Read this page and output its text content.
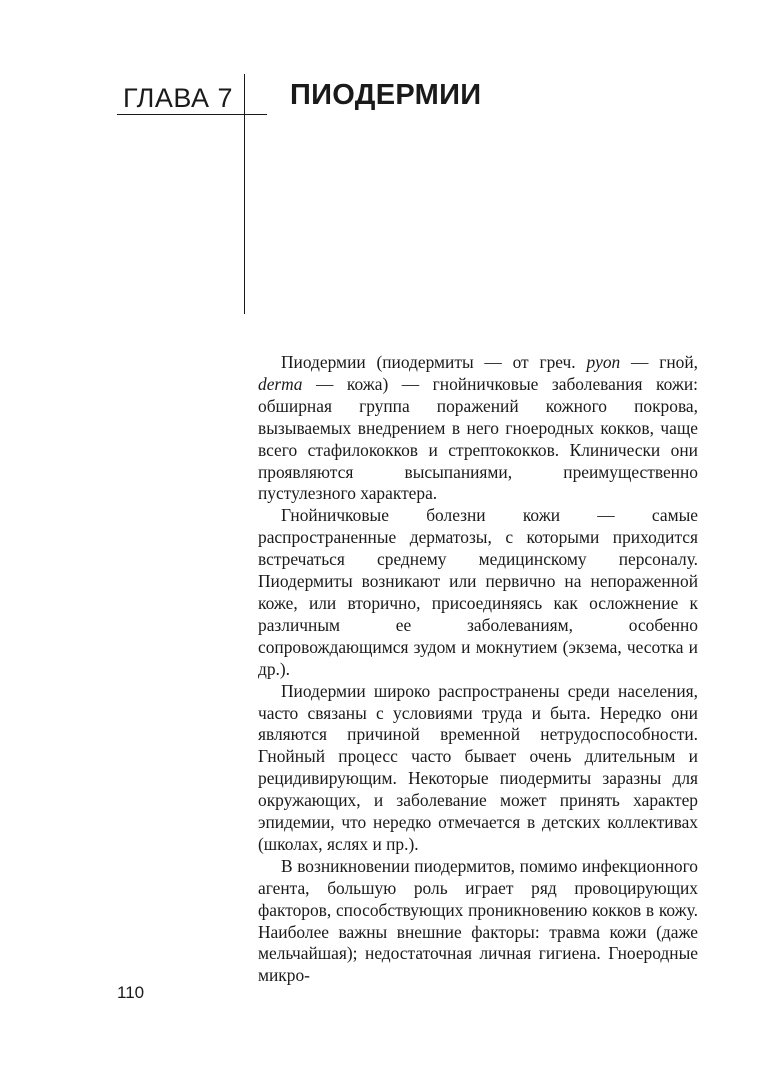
ГЛАВА 7 ПИОДЕРМИИ

Пиодермии (пиодермиты — от греч. pyon — гной, derma — кожа) — гнойничковые заболевания кожи: обширная группа поражений кожного покрова, вызываемых внедрением в него гноеродных кокков, чаще всего стафилококков и стрептококков. Клинически они проявляются высыпаниями, преимущественно пустулезного характера.

Гнойничковые болезни кожи — самые распространенные дерматозы, с которыми приходится встречаться среднему медицинскому персоналу. Пиодермиты возникают или первично на непораженной коже, или вторично, присоединяясь как осложнение к различным ее заболеваниям, особенно сопровождающимся зудом и мокнутием (экзема, чесотка и др.).

Пиодермии широко распространены среди населения, часто связаны с условиями труда и быта. Нередко они являются причиной временной нетрудоспособности. Гнойный процесс часто бывает очень длительным и рецидивирующим. Некоторые пиодермиты заразны для окружающих, и заболевание может принять характер эпидемии, что нередко отмечается в детских коллективах (школах, яслях и пр.).

В возникновении пиодермитов, помимо инфекционного агента, большую роль играет ряд провоцирующих факторов, способствующих проникновению кокков в кожу. Наиболее важны внешние факторы: травма кожи (даже мельчайшая); недостаточная личная гигиена. Гноеродные микро-

110
